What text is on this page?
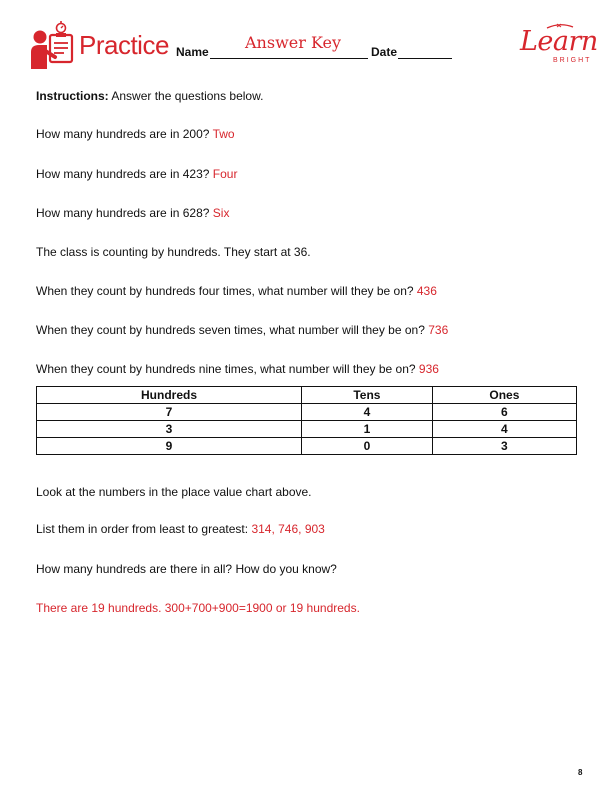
Practice Name	Answer Key	Date	Learn
BRIGHT
Instructions: Answer the questions below.
How many hundreds are in 200? Two
How many hundreds are in 423? Four
How many hundreds are in 628? Six
The class is counting by hundreds. They start at 36.
When they count by hundreds four times, what number will they be on? 436
When they count by hundreds seven times, what number will they be on? 736
When they count by hundreds nine times, what number will they be on? 936
Hundreds	Tens	Ones
7	4	6
3	1	4
9	0	3
Look at the numbers in the place value chart above.
List them in order from least to greatest: 314, 746, 903
How many hundreds are there in all? How do you know?
There are 19 hundreds. 300+700+900=1900 or 19 hundreds.
8
